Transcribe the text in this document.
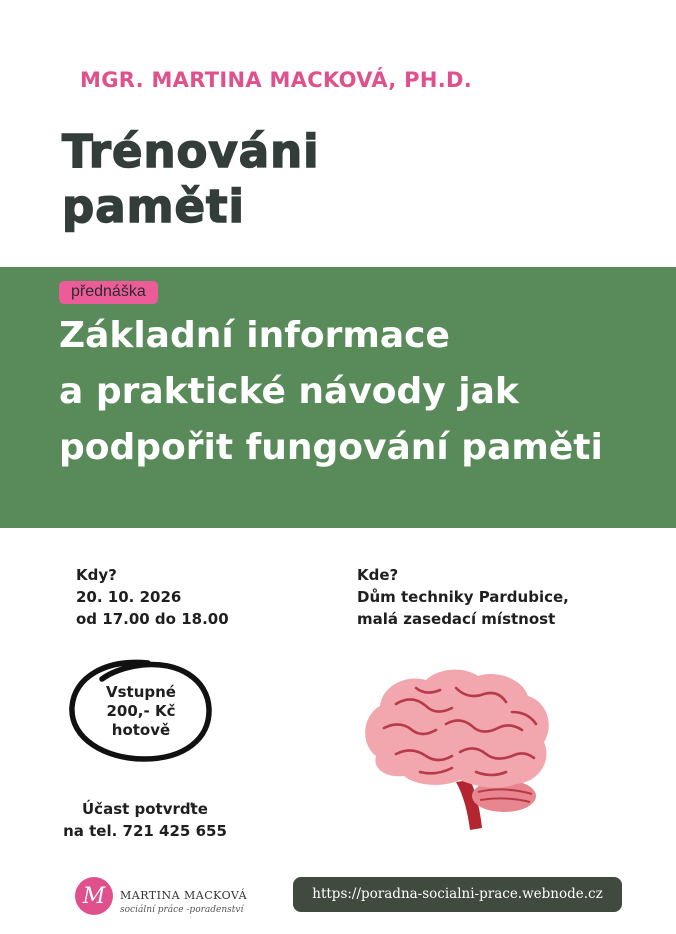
MGR. MARTINA MACKOVÁ, PH.D.
Trénováni
paměti
přednáška
Základní informace
a praktické návody jak
podpořit fungování paměti
Kdy?
20. 10. 2026
od 17.00 do 18.00
Kde?
Dům techniky Pardubice,
malá zasedací místnost
Vstupné
200,- Kč
hotově
Účast potvrďte
na tel. 721 425 655
M MARTINA MACKOVÁ
sociální práce -poradenství
https://poradna-socialni-prace.webnode.cz
